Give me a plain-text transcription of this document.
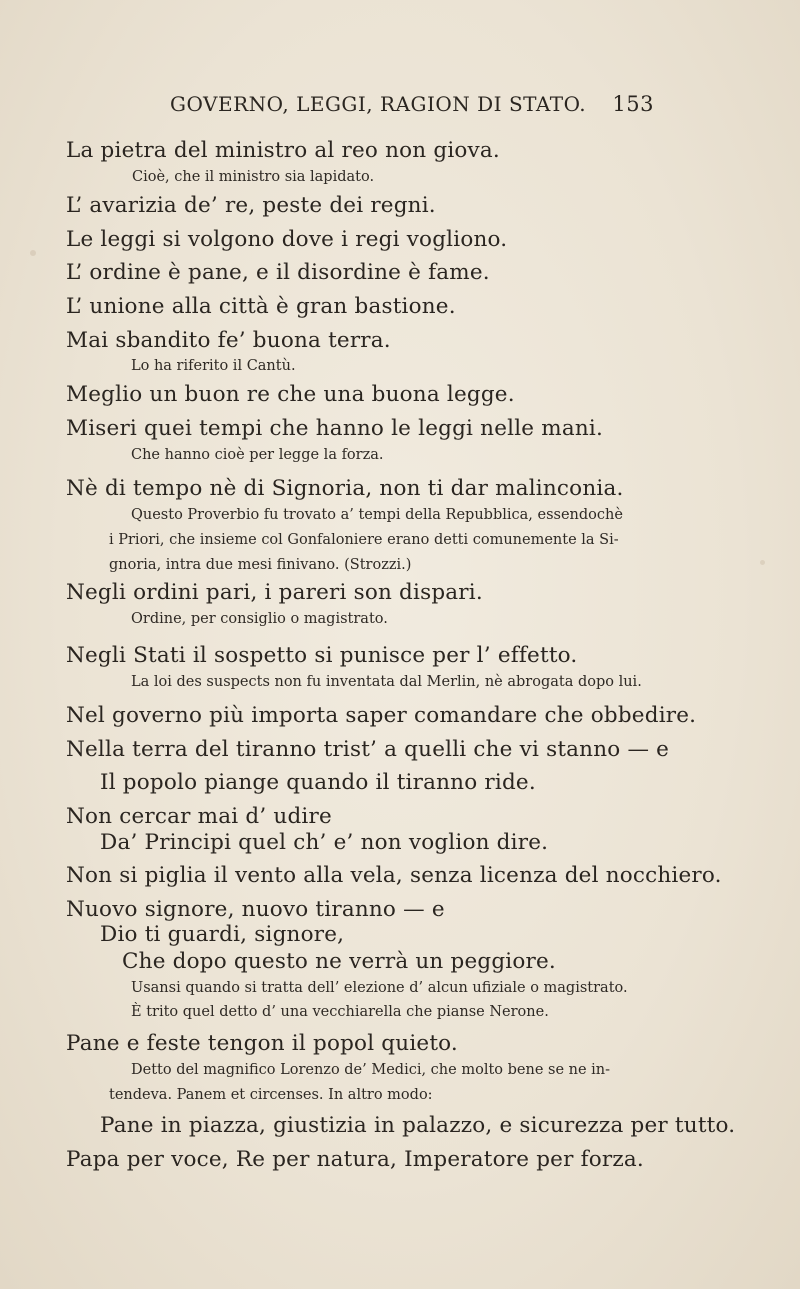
GOVERNO, LEGGI, RAGION DI STATO. 153
La pietra del ministro al reo non giova.
Cioè, che il ministro sia lapidato.
L’ avarizia de’ re, peste dei regni.
Le leggi si volgono dove i regi vogliono.
L’ ordine è pane, e il disordine è fame.
L’ unione alla città è gran bastione.
Mai sbandito fe’ buona terra.
Lo ha riferito il Cantù.
Meglio un buon re che una buona legge.
Miseri quei tempi che hanno le leggi nelle mani.
Che hanno cioè per legge la forza.
Nè di tempo nè di Signoria, non ti dar malinconia.
Questo Proverbio fu trovato a’ tempi della Repubblica, essendochè
i Priori, che insieme col Gonfaloniere erano detti comunemente la Si-
gnoria, intra due mesi finivano. (Strozzi.)
Negli ordini pari, i pareri son dispari.
Ordine, per consiglio o magistrato.
Negli Stati il sospetto si punisce per l’ effetto.
La loi des suspects non fu inventata dal Merlin, nè abrogata dopo lui.
Nel governo più importa saper comandare che obbedire.
Nella terra del tiranno trist’ a quelli che vi stanno — e
Il popolo piange quando il tiranno ride.
Non cercar mai d’ udire
Da’ Principi quel ch’ e’ non voglion dire.
Non si piglia il vento alla vela, senza licenza del nocchiero.
Nuovo signore, nuovo tiranno — e
Dio ti guardi, signore,
Che dopo questo ne verrà un peggiore.
Usansi quando si tratta dell’ elezione d’ alcun ufiziale o magistrato.
È trito quel detto d’ una vecchiarella che pianse Nerone.
Pane e feste tengon il popol quieto.
Detto del magnifico Lorenzo de’ Medici, che molto bene se ne in-
tendeva. Panem et circenses. In altro modo:
Pane in piazza, giustizia in palazzo, e sicurezza per tutto.
Papa per voce, Re per natura, Imperatore per forza.
